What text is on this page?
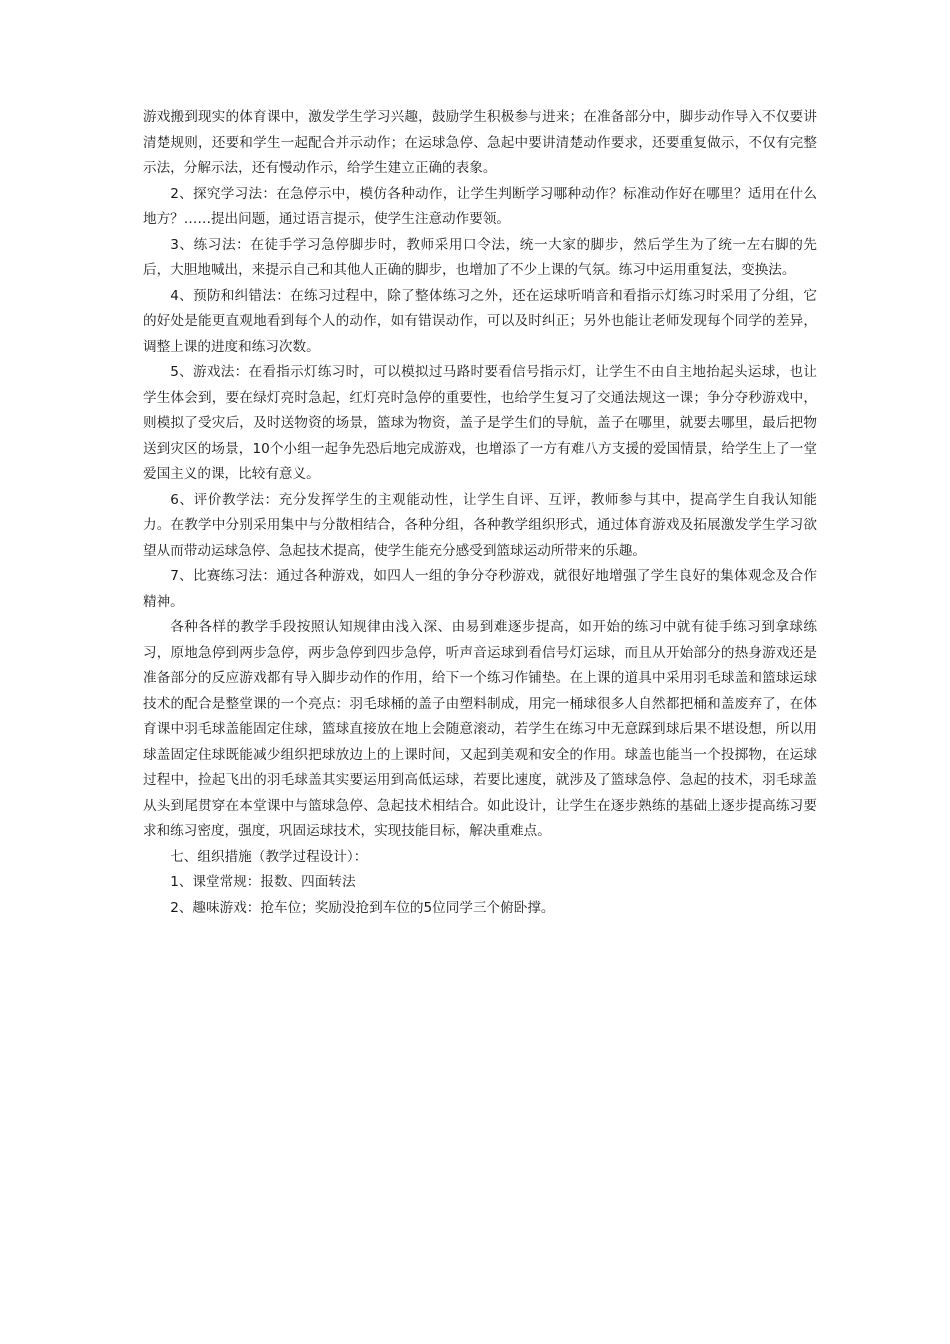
游戏搬到现实的体育课中，激发学生学习兴趣，鼓励学生积极参与进来；在准备部分中，脚步动作导入不仅要讲清楚规则，还要和学生一起配合并示动作；在运球急停、急起中要讲清楚动作要求，还要重复做示，不仅有完整示法，分解示法，还有慢动作示，给学生建立正确的表象。

2、探究学习法：在急停示中，模仿各种动作，让学生判断学习哪种动作？标准动作好在哪里？适用在什么地方？……提出问题，通过语言提示，使学生注意动作要领。

3、练习法：在徒手学习急停脚步时，教师采用口令法，统一大家的脚步，然后学生为了统一左右脚的先后，大胆地喊出，来提示自己和其他人正确的脚步，也增加了不少上课的气氛。练习中运用重复法，变换法。

4、预防和纠错法：在练习过程中，除了整体练习之外，还在运球听哨音和看指示灯练习时采用了分组，它的好处是能更直观地看到每个人的动作，如有错误动作，可以及时纠正；另外也能让老师发现每个同学的差异，调整上课的进度和练习次数。

5、游戏法：在看指示灯练习时，可以模拟过马路时要看信号指示灯，让学生不由自主地抬起头运球，也让学生体会到，要在绿灯亮时急起，红灯亮时急停的重要性，也给学生复习了交通法规这一课；争分夺秒游戏中，则模拟了受灾后，及时送物资的场景，篮球为物资，盖子是学生们的导航，盖子在哪里，就要去哪里，最后把物送到灾区的场景，10个小组一起争先恐后地完成游戏，也增添了一方有难八方支援的爱国情景，给学生上了一堂爱国主义的课，比较有意义。

6、评价教学法：充分发挥学生的主观能动性，让学生自评、互评，教师参与其中，提高学生自我认知能力。在教学中分别采用集中与分散相结合，各种分组，各种教学组织形式，通过体育游戏及拓展激发学生学习欲望从而带动运球急停、急起技术提高，使学生能充分感受到篮球运动所带来的乐趣。

7、比赛练习法：通过各种游戏，如四人一组的争分夺秒游戏，就很好地增强了学生良好的集体观念及合作精神。

各种各样的教学手段按照认知规律由浅入深、由易到难逐步提高，如开始的练习中就有徒手练习到拿球练习，原地急停到两步急停，两步急停到四步急停，听声音运球到看信号灯运球，而且从开始部分的热身游戏还是准备部分的反应游戏都有导入脚步动作的作用，给下一个练习作铺垫。在上课的道具中采用羽毛球盖和篮球运球技术的配合是整堂课的一个亮点：羽毛球桶的盖子由塑料制成，用完一桶球很多人自然都把桶和盖废弃了，在体育课中羽毛球盖能固定住球，篮球直接放在地上会随意滚动，若学生在练习中无意踩到球后果不堪设想，所以用球盖固定住球既能减少组织把球放边上的上课时间，又起到美观和安全的作用。球盖也能当一个投掷物，在运球过程中，捡起飞出的羽毛球盖其实要运用到高低运球，若要比速度，就涉及了篮球急停、急起的技术，羽毛球盖从头到尾贯穿在本堂课中与篮球急停、急起技术相结合。如此设计，让学生在逐步熟练的基础上逐步提高练习要求和练习密度，强度，巩固运球技术，实现技能目标，解决重难点。

七、组织措施（教学过程设计）：

1、课堂常规：报数、四面转法

2、趣味游戏：抢车位；奖励没抢到车位的5位同学三个俯卧撑。
